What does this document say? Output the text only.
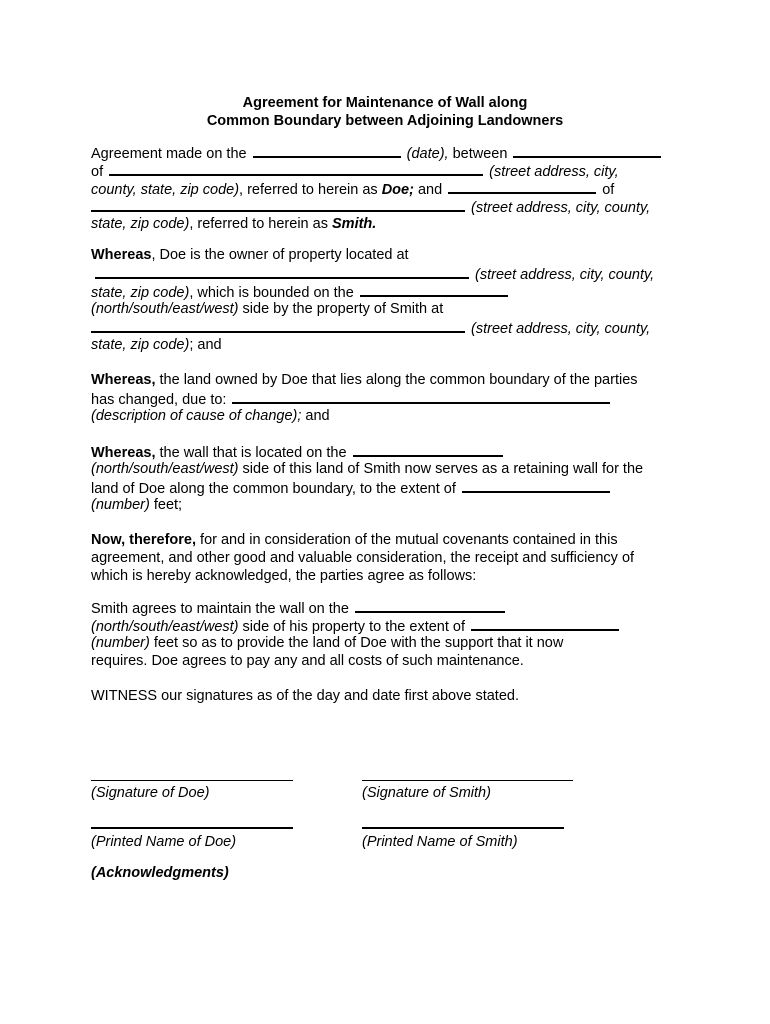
Agreement for Maintenance of Wall along
Common Boundary between Adjoining Landowners
Agreement made on the	(date), between
of	(street address, city,
county, state, zip code), referred to herein as Doe; and	of
(street address, city, county,
state, zip code), referred to herein as Smith.
Whereas, Doe is the owner of property located at
(street address, city, county,
state, zip code), which is bounded on the
(north/south/east/west) side by the property of Smith at
(street address, city, county,
state, zip code); and
Whereas, the land owned by Doe that lies along the common boundary of the parties
has changed, due to:
(description of cause of change); and
Whereas, the wall that is located on the
(north/south/east/west) side of this land of Smith now serves as a retaining wall for the
land of Doe along the common boundary, to the extent of
(number) feet;
Now, therefore, for and in consideration of the mutual covenants contained in this
agreement, and other good and valuable consideration, the receipt and sufficiency of
which is hereby acknowledged, the parties agree as follows:
Smith agrees to maintain the wall on the
(north/south/east/west) side of his property to the extent of
(number) feet so as to provide the land of Doe with the support that it now
requires. Doe agrees to pay any and all costs of such maintenance.
WITNESS our signatures as of the day and date first above stated.
(Signature of Doe)	(Signature of Smith)
(Printed Name of Doe)	(Printed Name of Smith)
(Acknowledgments)
